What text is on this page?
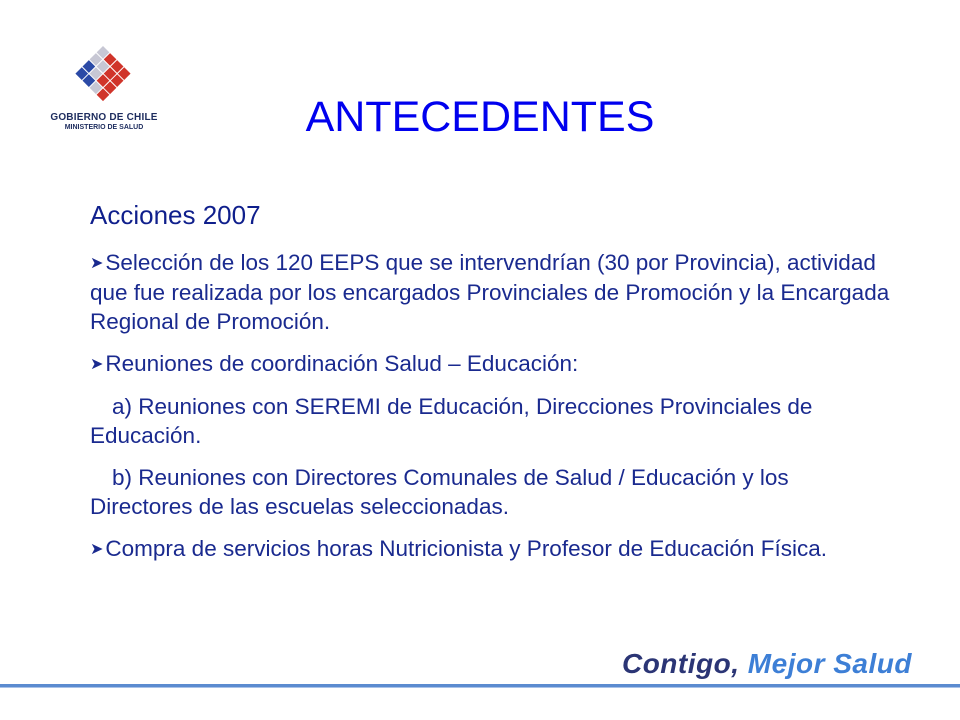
GOBIERNO DE CHILE
MINISTERIO DE SALUD	ANTECEDENTES
Acciones 2007

➤Selección de los 120 EEPS que se intervendrían (30 por Provincia), actividad que fue realizada por los encargados Provinciales de Promoción y la Encargada Regional de Promoción.

➤Reuniones de coordinación Salud – Educación:

a) Reuniones con SEREMI de Educación, Direcciones Provinciales de Educación.

b) Reuniones con Directores Comunales de Salud / Educación y los Directores de las escuelas seleccionadas.

➤Compra de servicios horas Nutricionista y Profesor de Educación Física.

Contigo, Mejor Salud
